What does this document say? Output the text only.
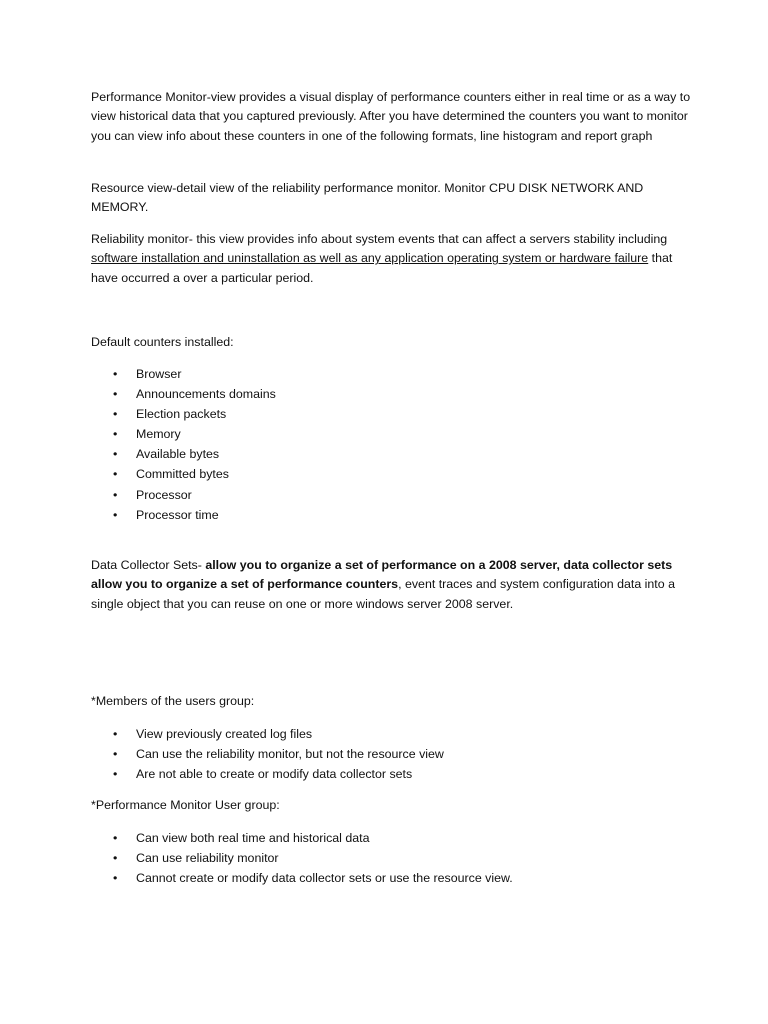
Performance Monitor-view provides a visual display of performance counters either in real time or as a way to view historical data that you captured previously. After you have determined the counters you want to monitor you can view info about these counters in one of the following formats, line histogram and report graph

Resource view-detail view of the reliability performance monitor. Monitor CPU DISK NETWORK AND MEMORY.

Reliability monitor- this view provides info about system events that can affect a servers stability including software installation and uninstallation as well as any application operating system or hardware failure that have occurred a over a particular period.

Default counters installed:

• Browser
• Announcements domains
• Election packets
• Memory
• Available bytes
• Committed bytes
• Processor
• Processor time

Data Collector Sets- allow you to organize a set of performance on a 2008 server, data collector sets allow you to organize a set of performance counters, event traces and system configuration data into a single object that you can reuse on one or more windows server 2008 server.

*Members of the users group:

• View previously created log files
• Can use the reliability monitor, but not the resource view
• Are not able to create or modify data collector sets

*Performance Monitor User group:

• Can view both real time and historical data
• Can use reliability monitor
• Cannot create or modify data collector sets or use the resource view.
